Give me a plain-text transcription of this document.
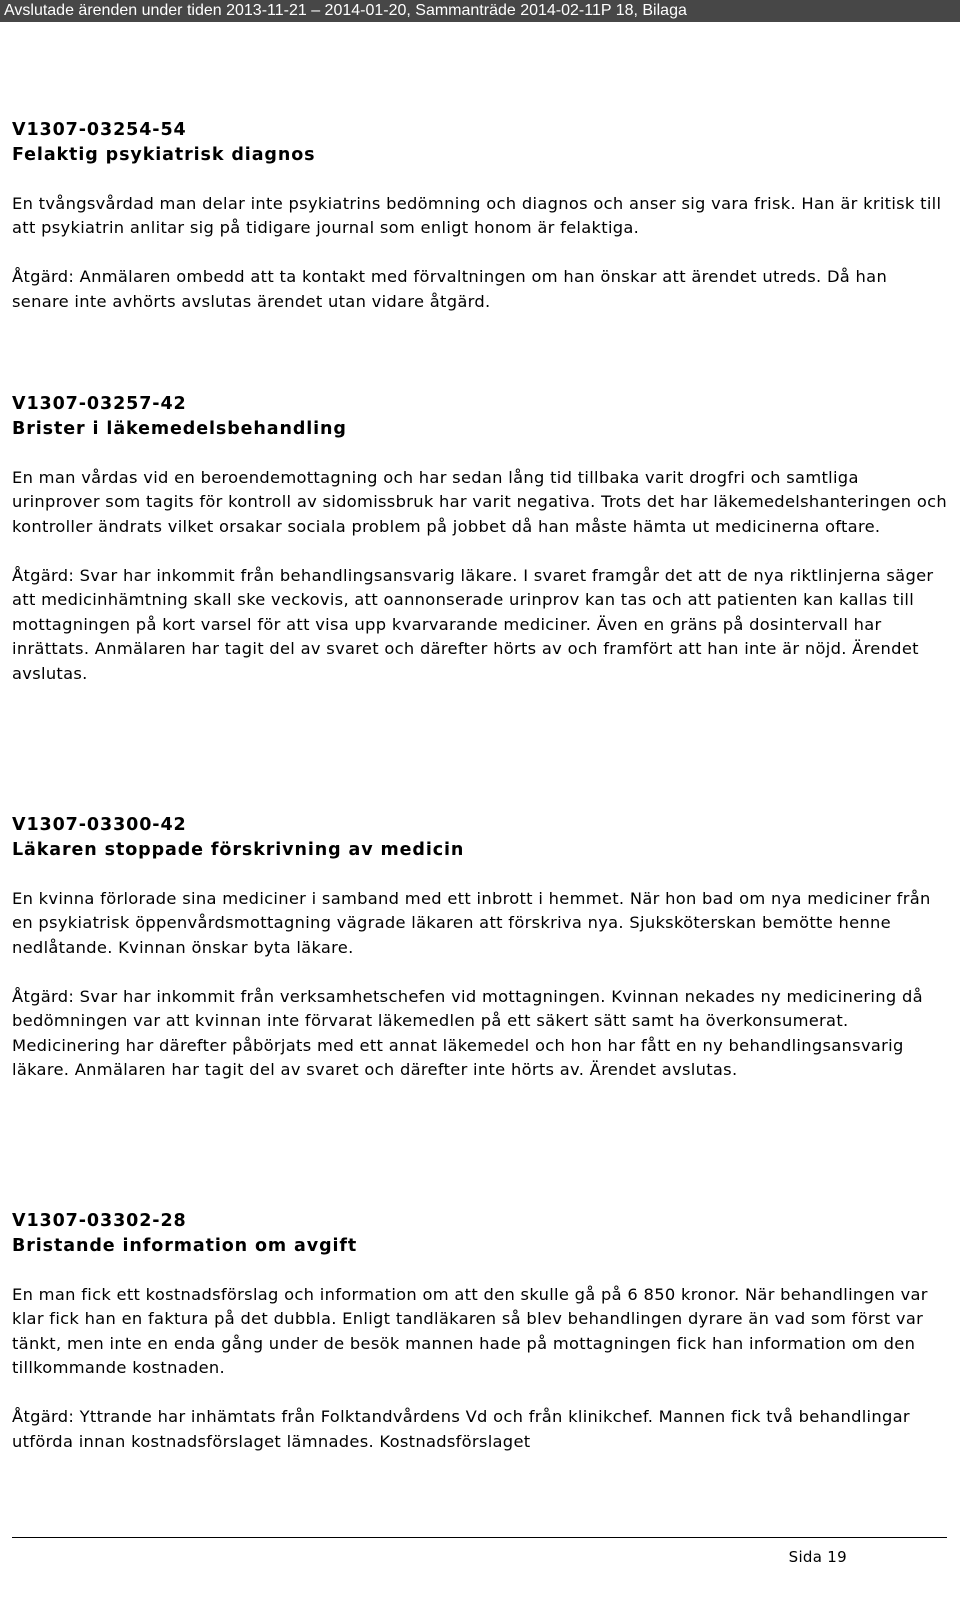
Avslutade ärenden under tiden 2013-11-21 – 2014-01-20, Sammanträde 2014-02-11P 18, Bilaga
V1307-03254-54
Felaktig psykiatrisk diagnos

En tvångsvårdad man delar inte psykiatrins bedömning och diagnos och anser sig vara frisk. Han är kritisk till att psykiatrin anlitar sig på tidigare journal som enligt honom är felaktiga.

Åtgärd: Anmälaren ombedd att ta kontakt med förvaltningen om han önskar att ärendet utreds. Då han senare inte avhörts avslutas ärendet utan vidare åtgärd.

V1307-03257-42
Brister i läkemedelsbehandling

En man vårdas vid en beroendemottagning och har sedan lång tid tillbaka varit drogfri och samtliga urinprover som tagits för kontroll av sidomissbruk har varit negativa. Trots det har läkemedelshanteringen och kontroller ändrats vilket orsakar sociala problem på jobbet då han måste hämta ut medicinerna oftare.

Åtgärd: Svar har inkommit från behandlingsansvarig läkare. I svaret framgår det att de nya riktlinjerna säger att medicinhämtning skall ske veckovis, att oannonserade urinprov kan tas och att patienten kan kallas till mottagningen på kort varsel för att visa upp kvarvarande mediciner. Även en gräns på dosintervall har inrättats. Anmälaren har tagit del av svaret och därefter hörts av och framfört att han inte är nöjd. Ärendet avslutas.

V1307-03300-42
Läkaren stoppade förskrivning av medicin

En kvinna förlorade sina mediciner i samband med ett inbrott i hemmet. När hon bad om nya mediciner från en psykiatrisk öppenvårdsmottagning vägrade läkaren att förskriva nya. Sjuksköterskan bemötte henne nedlåtande. Kvinnan önskar byta läkare.

Åtgärd: Svar har inkommit från verksamhetschefen vid mottagningen. Kvinnan nekades ny medicinering då bedömningen var att kvinnan inte förvarat läkemedlen på ett säkert sätt samt ha överkonsumerat. Medicinering har därefter påbörjats med ett annat läkemedel och hon har fått en ny behandlingsansvarig läkare. Anmälaren har tagit del av svaret och därefter inte hörts av. Ärendet avslutas.

V1307-03302-28
Bristande information om avgift

En man fick ett kostnadsförslag och information om att den skulle gå på 6 850 kronor. När behandlingen var klar fick han en faktura på det dubbla. Enligt tandläkaren så blev behandlingen dyrare än vad som först var tänkt, men inte en enda gång under de besök mannen hade på mottagningen fick han information om den tillkommande kostnaden.

Åtgärd: Yttrande har inhämtats från Folktandvårdens Vd och från klinikchef. Mannen fick två behandlingar utförda innan kostnadsförslaget lämnades. Kostnadsförslaget

Sida 19
